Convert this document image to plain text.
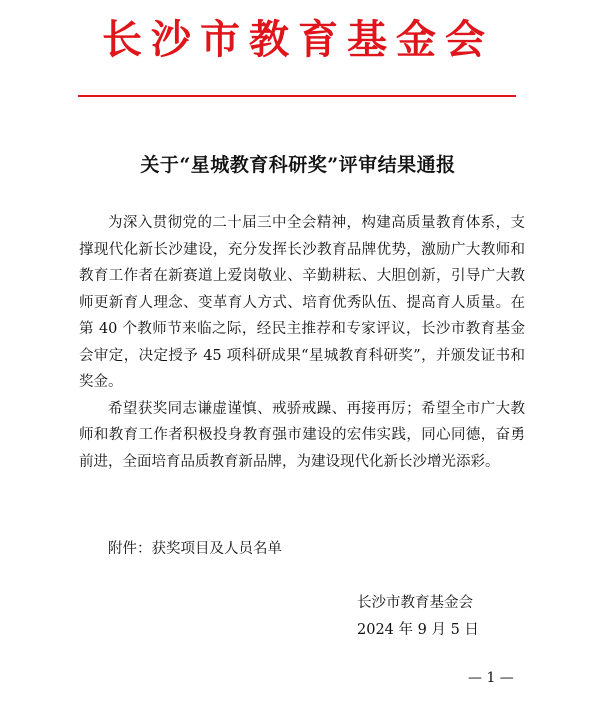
长沙市教育基金会
关于“星城教育科研奖”评审结果通报

为深入贯彻党的二十届三中全会精神，构建高质量教育体系，支撑现代化新长沙建设，充分发挥长沙教育品牌优势，激励广大教师和教育工作者在新赛道上爱岗敬业、辛勤耕耘、大胆创新，引导广大教师更新育人理念、变革育人方式、培育优秀队伍、提高育人质量。在第 40 个教师节来临之际，经民主推荐和专家评议，长沙市教育基金会审定，决定授予 45 项科研成果“星城教育科研奖”，并颁发证书和奖金。

希望获奖同志谦虚谨慎、戒骄戒躁、再接再厉；希望全市广大教师和教育工作者积极投身教育强市建设的宏伟实践，同心同德，奋勇前进，全面培育品质教育新品牌，为建设现代化新长沙增光添彩。

附件：获奖项目及人员名单
长沙市教育基金会
2024 年 9 月 5 日
— 1 —
